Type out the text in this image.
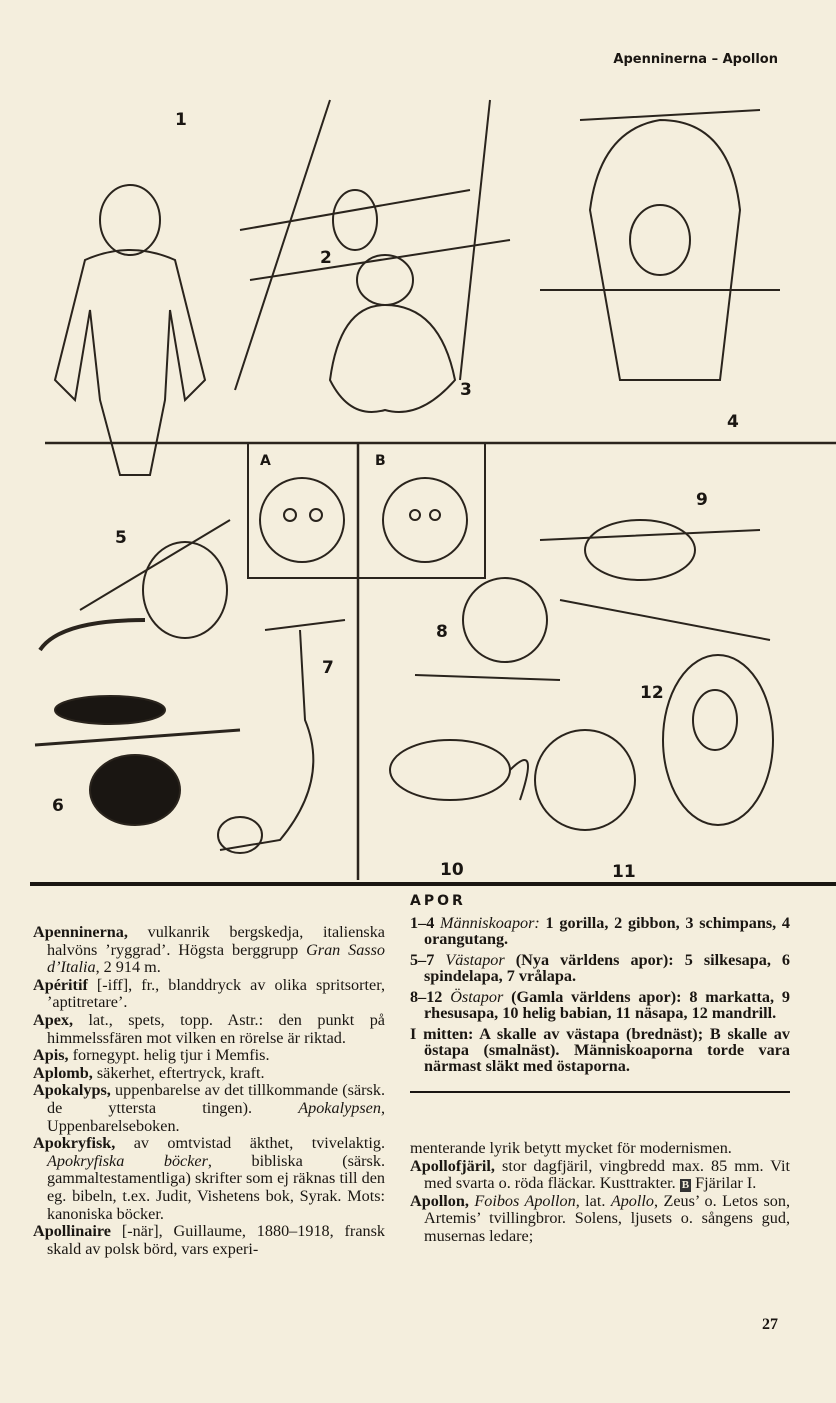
Apenninerna – Apollon
1
2
3
4
A	B
5
6
7
8
9
10	11
12

Apenninerna, vulkanrik bergskedja, italienska halvöns ’ryggrad’. Högsta berggrupp Gran Sasso d’Italia, 2 914 m.

Apéritif [-iff], fr., blanddryck av olika spritsorter, ’aptitretare’.

Apex, lat., spets, topp. Astr.: den punkt på himmelssfären mot vilken en rörelse är riktad.

Apis, fornegypt. helig tjur i Memfis.

Aplomb, säkerhet, eftertryck, kraft.

Apokalyps, uppenbarelse av det tillkommande (särsk. de yttersta tingen). Apokalypsen, Uppenbarelseboken.

Apokryfisk, av omtvistad äkthet, tvivelaktig. Apokryfiska böcker, bibliska (särsk. gammaltestamentliga) skrifter som ej räknas till den eg. bibeln, t.ex. Judit, Vishetens bok, Syrak. Mots: kanoniska böcker.

Apollinaire [-när], Guillaume, 1880–1918, fransk skald av polsk börd, vars experi-

APOR

1–4 Människoapor: 1 gorilla, 2 gibbon, 3 schimpans, 4 orangutang.

5–7 Västapor (Nya världens apor): 5 silkesapa, 6 spindelapa, 7 vrålapa.

8–12 Östapor (Gamla världens apor): 8 markatta, 9 rhesusapa, 10 helig babian, 11 näsapa, 12 mandrill.

I mitten: A skalle av västapa (brednäst); B skalle av östapa (smalnäst). Människoaporna torde vara närmast släkt med östaporna.

menterande lyrik betytt mycket för modernismen.

Apollofjäril, stor dagfjäril, vingbredd max. 85 mm. Vit med svarta o. röda fläckar. Kusttrakter. B Fjärilar I.

Apollon, Foibos Apollon, lat. Apollo, Zeus’ o. Letos son, Artemis’ tvillingbror. Solens, ljusets o. sångens gud, musernas ledare;

27
